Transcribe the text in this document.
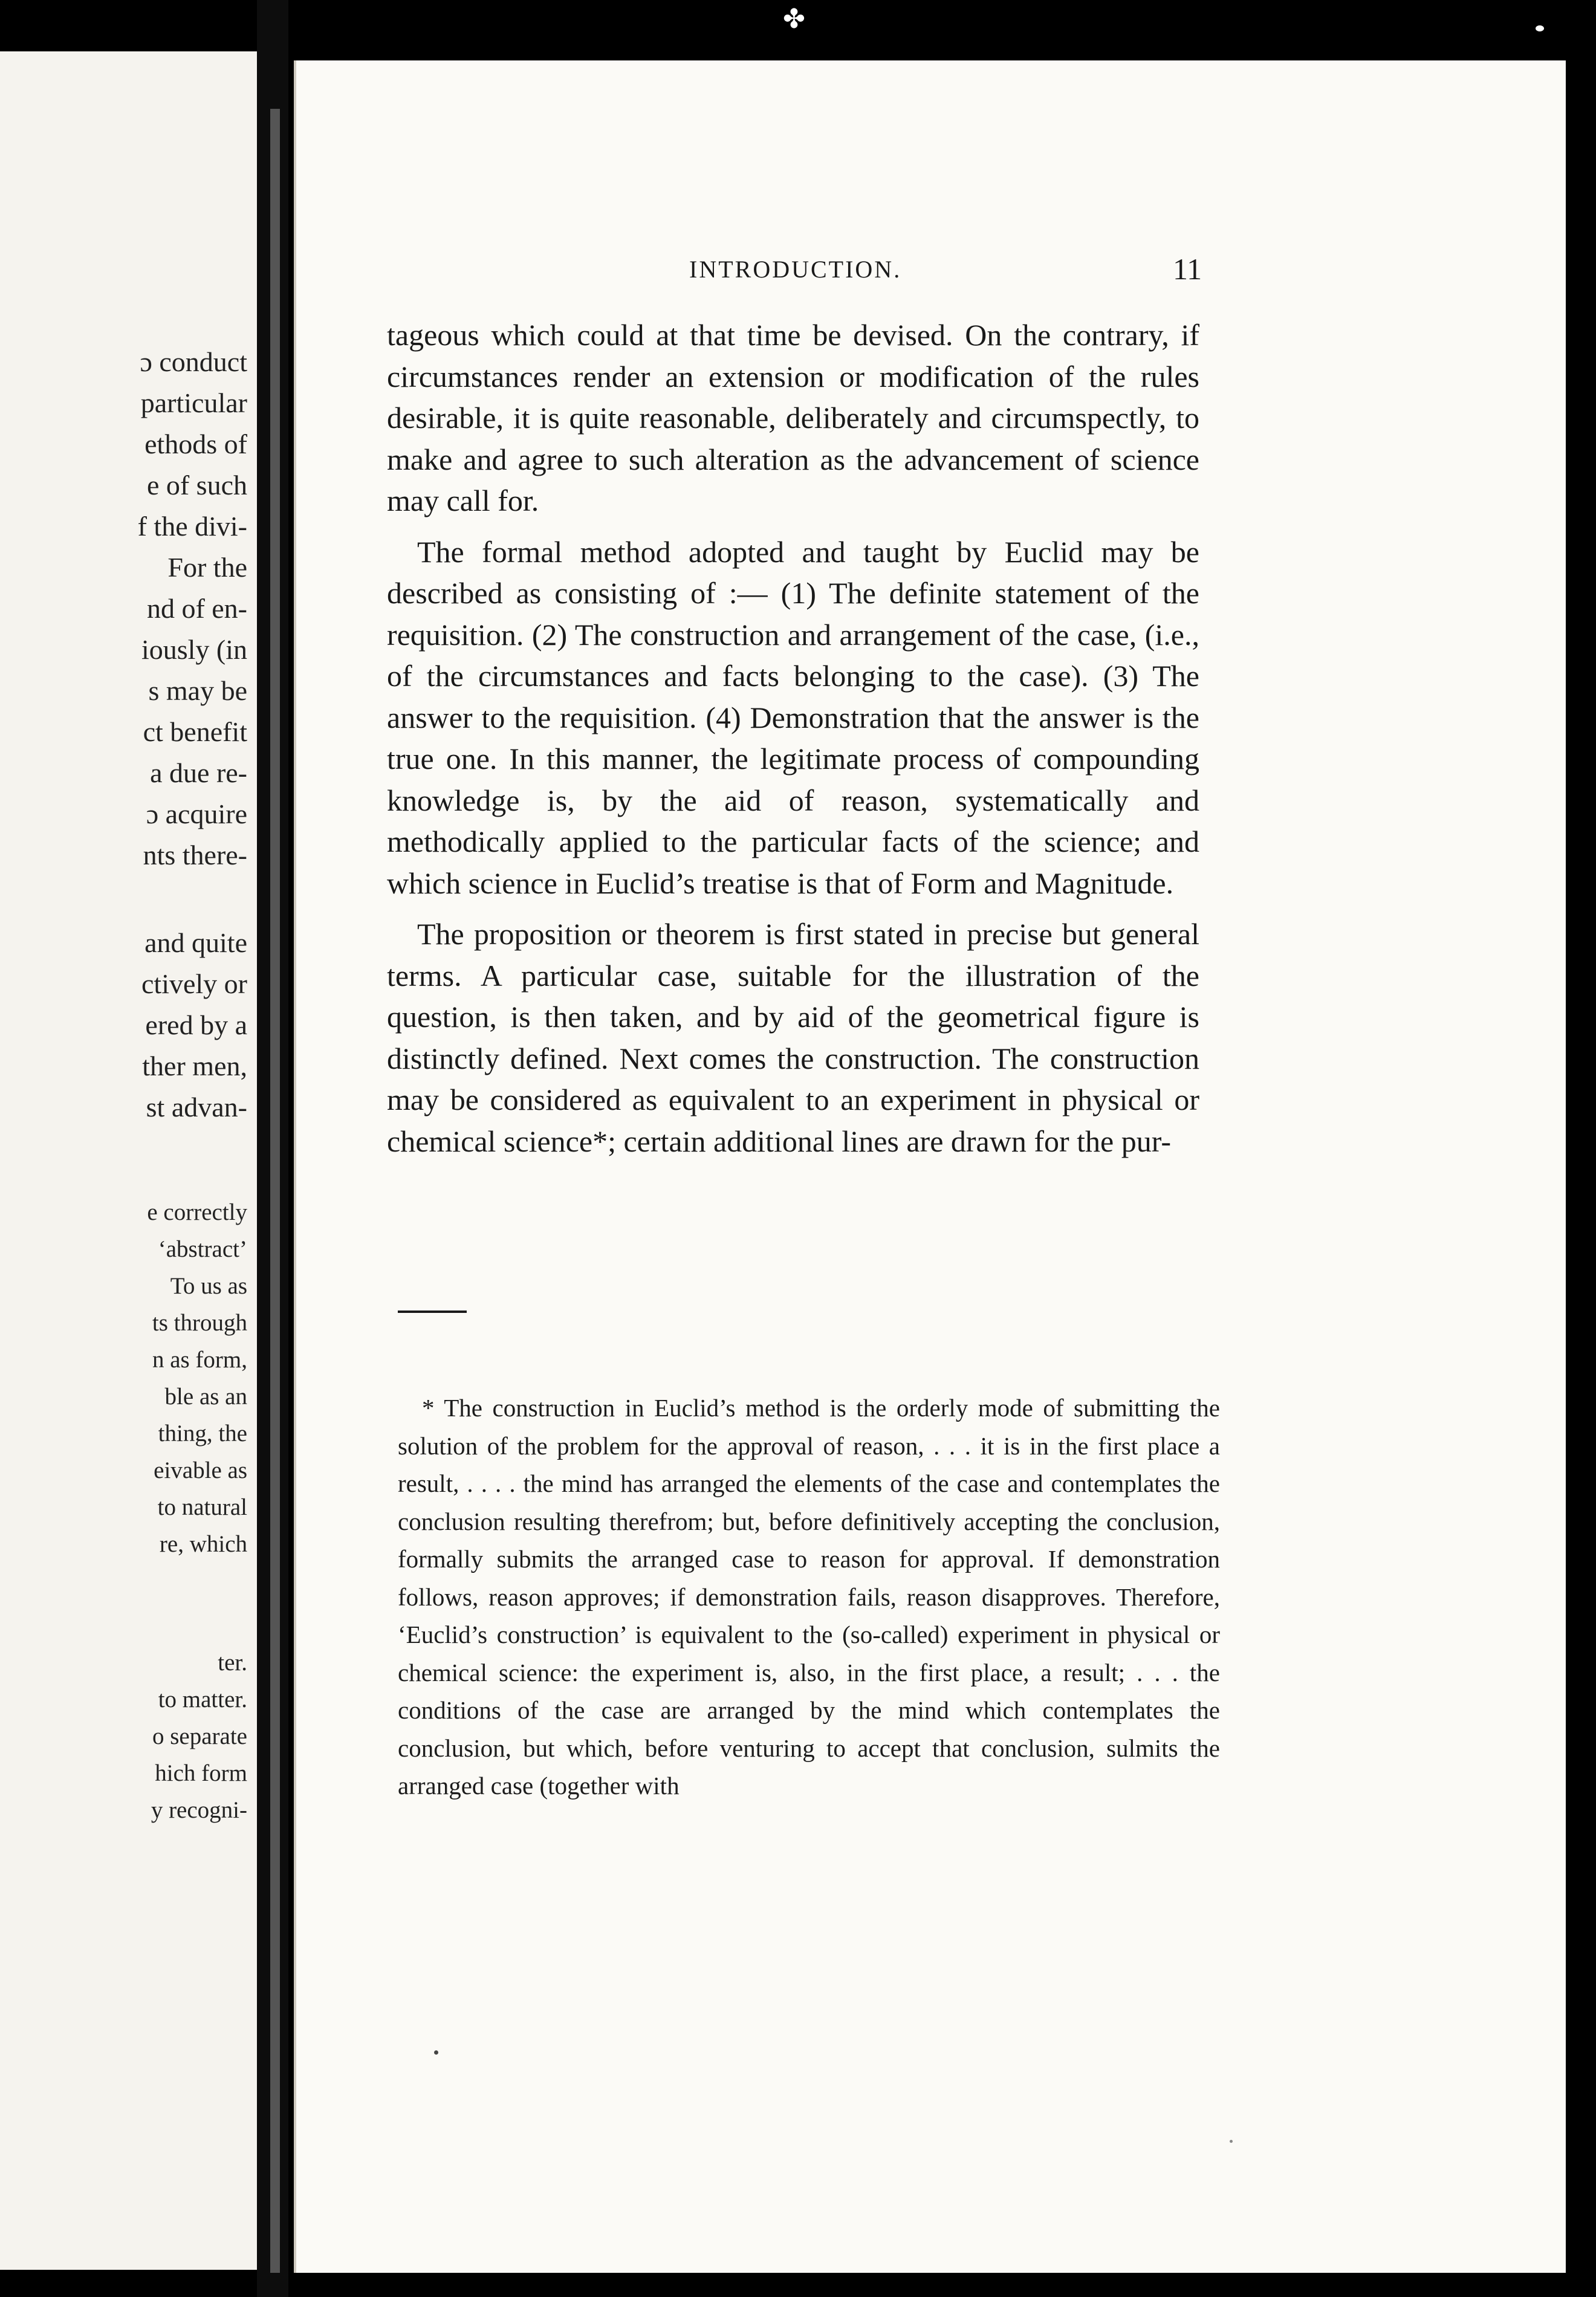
✤
ɔ conduct
particular
ethods of
e of such
f the divi-
For the
nd of en-
iously (in
s may be
ct benefit
a due re-
ɔ acquire
nts there-
and quite
ctively or
ered by a
ther men,
st advan-
e correctly
‘abstract’
To us as
ts through
n as form,
ble as an
thing, the
eivable as
to natural
re, which
ter.
to matter.
o separate
hich form
y recogni-
INTRODUCTION.	11

tageous which could at that time be devised. On the contrary, if circumstances render an extension or modification of the rules desirable, it is quite reasonable, deliberately and circumspectly, to make and agree to such alteration as the advancement of science may call for.

The formal method adopted and taught by Euclid may be described as consisting of :— (1) The definite statement of the requisition. (2) The construction and arrangement of the case, (i.e., of the circumstances and facts belonging to the case). (3) The answer to the requisition. (4) Demonstration that the answer is the true one. In this manner, the legitimate process of compounding knowledge is, by the aid of reason, systematically and methodically applied to the particular facts of the science; and which science in Euclid’s treatise is that of Form and Magnitude.

The proposition or theorem is first stated in precise but general terms. A particular case, suitable for the illustration of the question, is then taken, and by aid of the geometrical figure is distinctly defined. Next comes the construction. The construction may be considered as equivalent to an experiment in physical or chemical science*; certain additional lines are drawn for the pur-

* The construction in Euclid’s method is the orderly mode of submitting the solution of the problem for the approval of reason, . . . it is in the first place a result, . . . . the mind has arranged the elements of the case and contemplates the conclusion resulting therefrom; but, before definitively accepting the conclusion, formally submits the arranged case to reason for approval. If demonstration follows, reason approves; if demonstration fails, reason disapproves. Therefore, ‘Euclid’s construction’ is equivalent to the (so-called) experiment in physical or chemical science: the experiment is, also, in the first place, a result; . . . the conditions of the case are arranged by the mind which contemplates the conclusion, but which, before venturing to accept that conclusion, sulmits the arranged case (together with
